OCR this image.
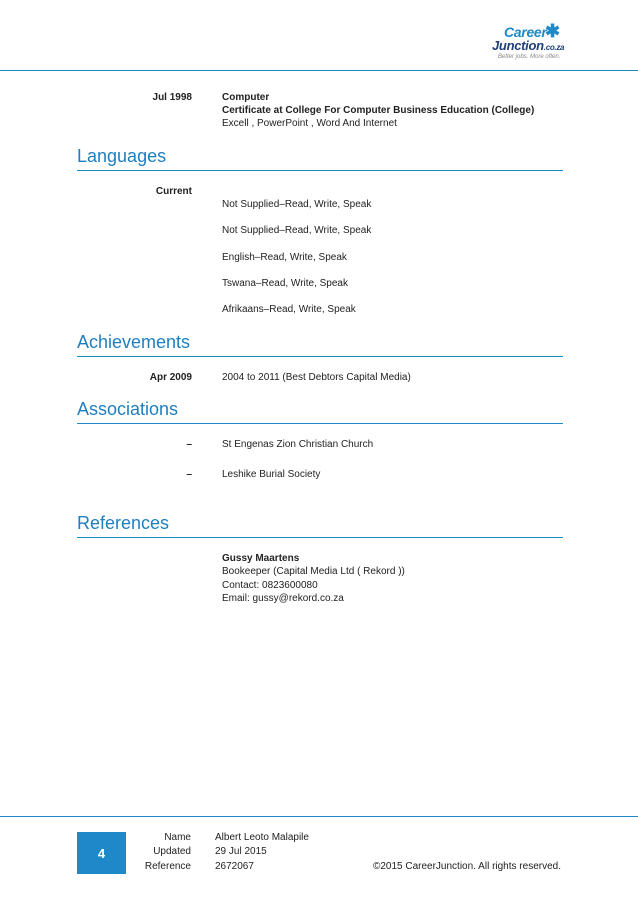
Career
✱
Junction.co.za
Better jobs. More often.
Jul 1998	Computer
Certificate at College For Computer Business Education (College)
Excell , PowerPoint , Word And Internet
Languages
Current
Not Supplied–Read, Write, Speak
Not Supplied–Read, Write, Speak
English–Read, Write, Speak
Tswana–Read, Write, Speak
Afrikaans–Read, Write, Speak
Achievements
Apr 2009	2004 to 2011 (Best Debtors Capital Media)
Associations
–	St Engenas Zion Christian Church
–	Leshike Burial Society
References
Gussy Maartens
Bookeeper (Capital Media Ltd ( Rekord ))
Contact: 0823600080
Email: gussy@rekord.co.za
4
Name Albert Leoto Malapile
Updated 29 Jul 2015
Reference 2672067	©2015 CareerJunction. All rights reserved.
